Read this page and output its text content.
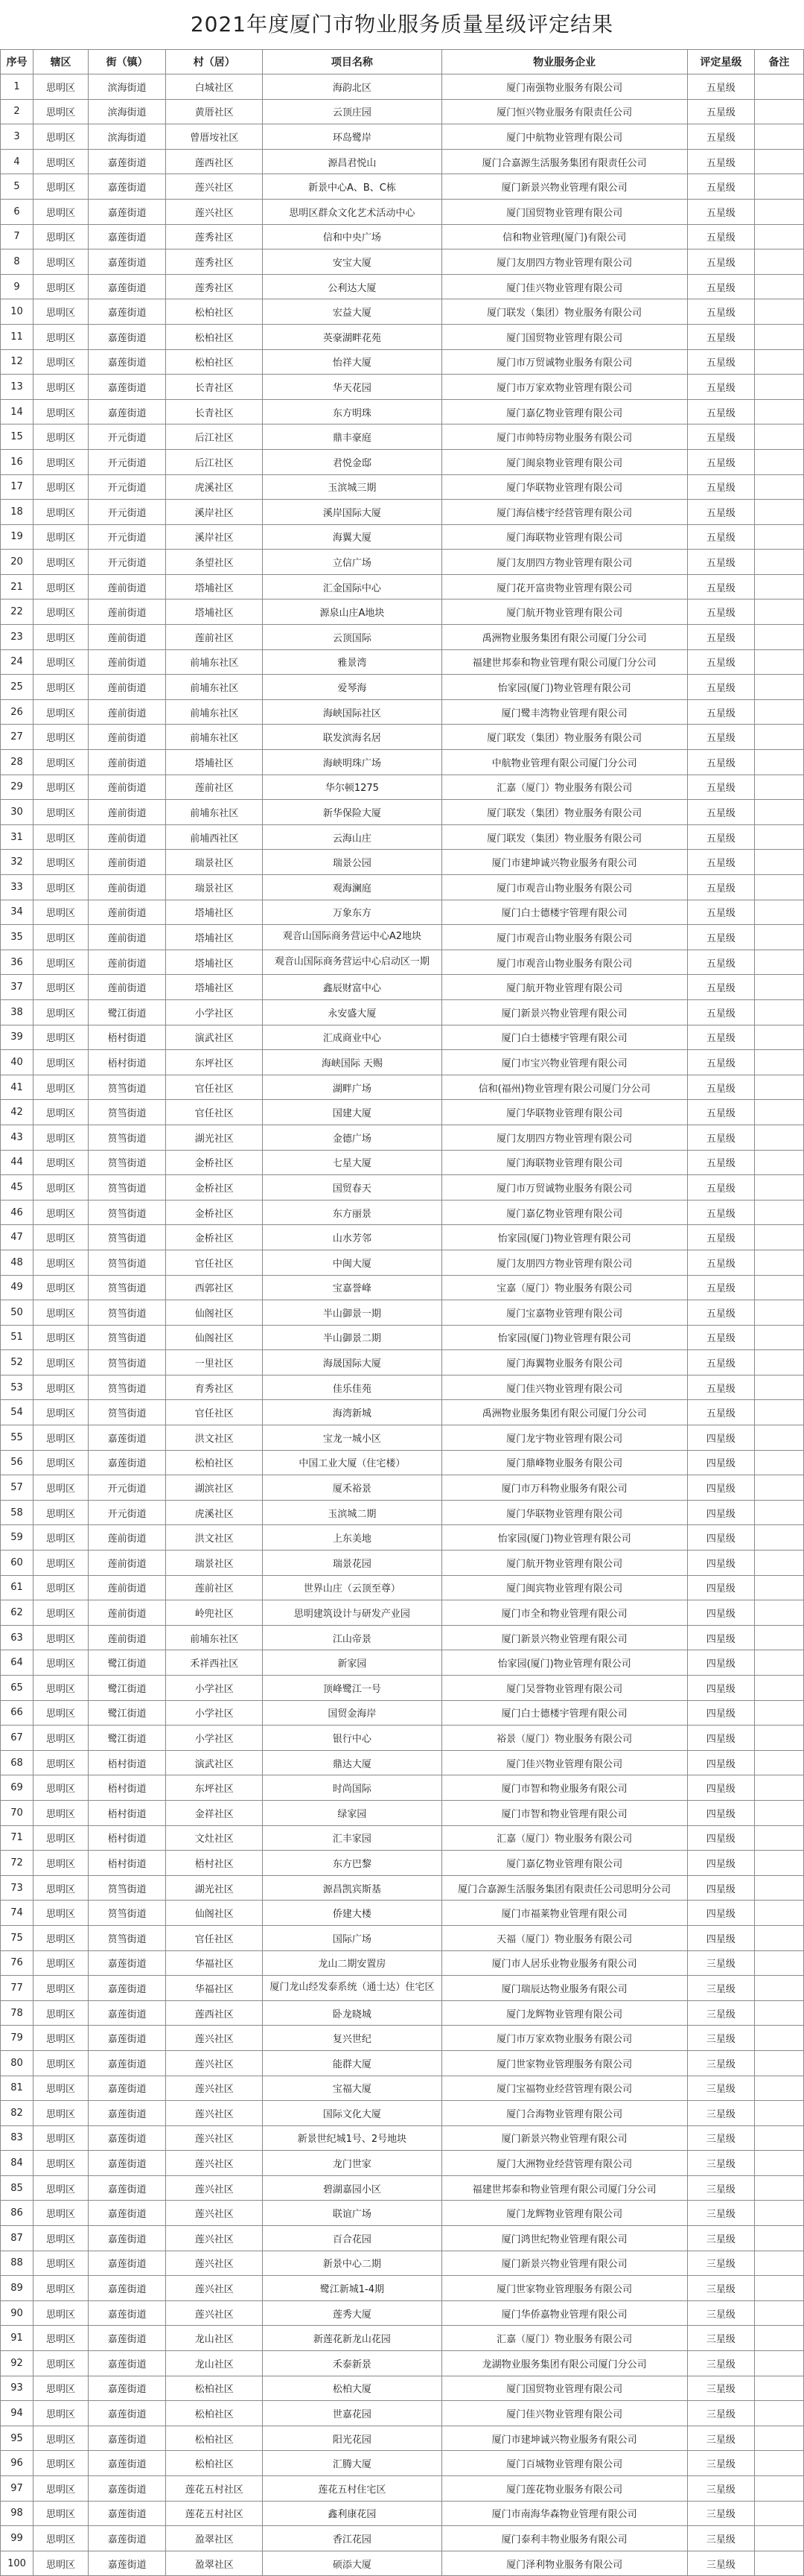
2021年度厦门市物业服务质量星级评定结果
序号	辖区	街（镇）	村（居）	项目名称	物业服务企业	评定星级	备注
1	思明区	滨海街道	白城社区	海韵北区	厦门南强物业服务有限公司	五星级	
2	思明区	滨海街道	黄厝社区	云顶庄园	厦门恒兴物业服务有限责任公司	五星级	
3	思明区	滨海街道	曾厝垵社区	环岛鹭岸	厦门中航物业管理有限公司	五星级	
4	思明区	嘉莲街道	莲西社区	源昌君悦山	厦门合嘉源生活服务集团有限责任公司	五星级	
5	思明区	嘉莲街道	莲兴社区	新景中心A、B、C栋	厦门新景兴物业管理有限公司	五星级	
6	思明区	嘉莲街道	莲兴社区	思明区群众文化艺术活动中心	厦门国贸物业管理有限公司	五星级	
7	思明区	嘉莲街道	莲秀社区	信和中央广场	信和物业管理(厦门)有限公司	五星级	
8	思明区	嘉莲街道	莲秀社区	安宝大厦	厦门友朋四方物业管理有限公司	五星级	
9	思明区	嘉莲街道	莲秀社区	公利达大厦	厦门佳兴物业管理有限公司	五星级	
10	思明区	嘉莲街道	松柏社区	宏益大厦	厦门联发（集团）物业服务有限公司	五星级	
11	思明区	嘉莲街道	松柏社区	英豪湖畔花苑	厦门国贸物业管理有限公司	五星级	
12	思明区	嘉莲街道	松柏社区	怡祥大厦	厦门市万贸诚物业服务有限公司	五星级	
13	思明区	嘉莲街道	长青社区	华天花园	厦门市万家欢物业管理有限公司	五星级	
14	思明区	嘉莲街道	长青社区	东方明珠	厦门嘉亿物业管理有限公司	五星级	
15	思明区	开元街道	后江社区	鼎丰豪庭	厦门市帅特房物业服务有限公司	五星级	
16	思明区	开元街道	后江社区	君悦金邸	厦门闽泉物业管理有限公司	五星级	
17	思明区	开元街道	虎溪社区	玉滨城三期	厦门华联物业管理有限公司	五星级	
18	思明区	开元街道	溪岸社区	溪岸国际大厦	厦门海信楼宇经营管理有限公司	五星级	
19	思明区	开元街道	溪岸社区	海翼大厦	厦门海联物业管理有限公司	五星级	
20	思明区	开元街道	条望社区	立信广场	厦门友朋四方物业管理有限公司	五星级	
21	思明区	莲前街道	塔埔社区	汇金国际中心	厦门花开富贵物业管理有限公司	五星级	
22	思明区	莲前街道	塔埔社区	源泉山庄A地块	厦门航开物业管理有限公司	五星级	
23	思明区	莲前街道	莲前社区	云顶国际	禹洲物业服务集团有限公司厦门分公司	五星级	
24	思明区	莲前街道	前埔东社区	雅景湾	福建世邦泰和物业管理有限公司厦门分公司	五星级	
25	思明区	莲前街道	前埔东社区	爱琴海	怡家园(厦门)物业管理有限公司	五星级	
26	思明区	莲前街道	前埔东社区	海峡国际社区	厦门鹭丰湾物业管理有限公司	五星级	
27	思明区	莲前街道	前埔东社区	联发滨海名居	厦门联发（集团）物业服务有限公司	五星级	
28	思明区	莲前街道	塔埔社区	海峡明珠广场	中航物业管理有限公司厦门分公司	五星级	
29	思明区	莲前街道	莲前社区	华尔顿1275	汇嘉（厦门）物业服务有限公司	五星级	
30	思明区	莲前街道	前埔东社区	新华保险大厦	厦门联发（集团）物业服务有限公司	五星级	
31	思明区	莲前街道	前埔西社区	云海山庄	厦门联发（集团）物业服务有限公司	五星级	
32	思明区	莲前街道	瑞景社区	瑞景公园	厦门市建坤诚兴物业服务有限公司	五星级	
33	思明区	莲前街道	瑞景社区	观海澜庭	厦门市观音山物业服务有限公司	五星级	
34	思明区	莲前街道	塔埔社区	万象东方	厦门白士德楼宇管理有限公司	五星级	
35	思明区	莲前街道	塔埔社区	观音山国际商务营运中心A2地块	厦门市观音山物业服务有限公司	五星级	
36	思明区	莲前街道	塔埔社区	观音山国际商务营运中心启动区一期	厦门市观音山物业服务有限公司	五星级	
37	思明区	莲前街道	塔埔社区	鑫辰财富中心	厦门航开物业管理有限公司	五星级	
38	思明区	鹭江街道	小学社区	永安盛大厦	厦门新景兴物业管理有限公司	五星级	
39	思明区	梧村街道	演武社区	汇成商业中心	厦门白士德楼宇管理有限公司	五星级	
40	思明区	梧村街道	东坪社区	海峡国际 天赐	厦门市宝兴物业管理有限公司	五星级	
41	思明区	筼筜街道	官任社区	湖畔广场	信和(福州)物业管理有限公司厦门分公司	五星级	
42	思明区	筼筜街道	官任社区	国建大厦	厦门华联物业管理有限公司	五星级	
43	思明区	筼筜街道	湖光社区	金德广场	厦门友朋四方物业管理有限公司	五星级	
44	思明区	筼筜街道	金桥社区	七星大厦	厦门海联物业管理有限公司	五星级	
45	思明区	筼筜街道	金桥社区	国贸春天	厦门市万贸诚物业服务有限公司	五星级	
46	思明区	筼筜街道	金桥社区	东方丽景	厦门嘉亿物业管理有限公司	五星级	
47	思明区	筼筜街道	金桥社区	山水芳邻	怡家园(厦门)物业管理有限公司	五星级	
48	思明区	筼筜街道	官任社区	中闽大厦	厦门友朋四方物业管理有限公司	五星级	
49	思明区	筼筜街道	西郭社区	宝嘉誉峰	宝嘉（厦门）物业服务有限公司	五星级	
50	思明区	筼筜街道	仙阁社区	半山御景一期	厦门宝嘉物业管理有限公司	五星级	
51	思明区	筼筜街道	仙阁社区	半山御景二期	怡家园(厦门)物业管理有限公司	五星级	
52	思明区	筼筜街道	一里社区	海晟国际大厦	厦门海翼物业服务有限公司	五星级	
53	思明区	筼筜街道	育秀社区	佳乐佳苑	厦门佳兴物业管理有限公司	五星级	
54	思明区	筼筜街道	官任社区	海湾新城	禹洲物业服务集团有限公司厦门分公司	五星级	
55	思明区	嘉莲街道	洪文社区	宝龙一城小区	厦门龙宇物业管理有限公司	四星级	
56	思明区	嘉莲街道	松柏社区	中国工业大厦（住宅楼）	厦门鼎峰物业服务有限公司	四星级	
57	思明区	开元街道	湖滨社区	厦禾裕景	厦门市万科物业服务有限公司	四星级	
58	思明区	开元街道	虎溪社区	玉滨城二期	厦门华联物业管理有限公司	四星级	
59	思明区	莲前街道	洪文社区	上东美地	怡家园(厦门)物业管理有限公司	四星级	
60	思明区	莲前街道	瑞景社区	瑞景花园	厦门航开物业管理有限公司	四星级	
61	思明区	莲前街道	莲前社区	世界山庄（云顶至尊）	厦门闽宾物业管理有限公司	四星级	
62	思明区	莲前街道	岭兜社区	思明建筑设计与研发产业园	厦门市全和物业管理有限公司	四星级	
63	思明区	莲前街道	前埔东社区	江山帝景	厦门新景兴物业管理有限公司	四星级	
64	思明区	鹭江街道	禾祥西社区	新家园	怡家园(厦门)物业管理有限公司	四星级	
65	思明区	鹭江街道	小学社区	顶峰鹭江一号	厦门吴誉物业管理有限公司	四星级	
66	思明区	鹭江街道	小学社区	国贸金海岸	厦门白士德楼宇管理有限公司	四星级	
67	思明区	鹭江街道	小学社区	银行中心	裕景（厦门）物业服务有限公司	四星级	
68	思明区	梧村街道	演武社区	鼎达大厦	厦门佳兴物业管理有限公司	四星级	
69	思明区	梧村街道	东坪社区	时尚国际	厦门市智和物业服务有限公司	四星级	
70	思明区	梧村街道	金祥社区	绿家园	厦门市智和物业管理有限公司	四星级	
71	思明区	梧村街道	文灶社区	汇丰家园	汇嘉（厦门）物业服务有限公司	四星级	
72	思明区	梧村街道	梧村社区	东方巴黎	厦门嘉亿物业管理有限公司	四星级	
73	思明区	筼筜街道	湖光社区	源昌凯宾斯基	厦门合嘉源生活服务集团有限责任公司思明分公司	四星级	
74	思明区	筼筜街道	仙阁社区	侨建大楼	厦门市福莱物业管理有限公司	四星级	
75	思明区	筼筜街道	官任社区	国际广场	天福（厦门）物业服务有限公司	四星级	
76	思明区	嘉莲街道	华福社区	龙山二期安置房	厦门市人居乐业物业服务有限公司	三星级	
77	思明区	嘉莲街道	华福社区	厦门龙山经发泰系统（通士达）住宅区	厦门瑞辰达物业服务有限公司	三星级	
78	思明区	嘉莲街道	莲西社区	卧龙晓城	厦门龙辉物业管理有限公司	三星级	
79	思明区	嘉莲街道	莲兴社区	复兴世纪	厦门市万家欢物业服务有限公司	三星级	
80	思明区	嘉莲街道	莲兴社区	能群大厦	厦门世家物业管理服务有限公司	三星级	
81	思明区	嘉莲街道	莲兴社区	宝福大厦	厦门宝福物业经营管理有限公司	三星级	
82	思明区	嘉莲街道	莲兴社区	国际文化大厦	厦门合海物业管理有限公司	三星级	
83	思明区	嘉莲街道	莲兴社区	新景世纪城1号、2号地块	厦门新景兴物业管理有限公司	三星级	
84	思明区	嘉莲街道	莲兴社区	龙门世家	厦门大洲物业经营管理有限公司	三星级	
85	思明区	嘉莲街道	莲兴社区	碧湖嘉园小区	福建世邦泰和物业管理有限公司厦门分公司	三星级	
86	思明区	嘉莲街道	莲兴社区	联谊广场	厦门龙辉物业管理有限公司	三星级	
87	思明区	嘉莲街道	莲兴社区	百合花园	厦门鸿世纪物业管理有限公司	三星级	
88	思明区	嘉莲街道	莲兴社区	新景中心二期	厦门新景兴物业管理有限公司	三星级	
89	思明区	嘉莲街道	莲兴社区	鹭江新城1-4期	厦门世家物业管理服务有限公司	三星级	
90	思明区	嘉莲街道	莲兴社区	莲秀大厦	厦门华侨嘉物业管理有限公司	三星级	
91	思明区	嘉莲街道	龙山社区	新莲花新龙山花园	汇嘉（厦门）物业服务有限公司	三星级	
92	思明区	嘉莲街道	龙山社区	禾泰新景	龙湖物业服务集团有限公司厦门分公司	三星级	
93	思明区	嘉莲街道	松柏社区	松柏大厦	厦门国贸物业管理有限公司	三星级	
94	思明区	嘉莲街道	松柏社区	世嘉花园	厦门佳兴物业管理有限公司	三星级	
95	思明区	嘉莲街道	松柏社区	阳光花园	厦门市建坤诚兴物业服务有限公司	三星级	
96	思明区	嘉莲街道	松柏社区	汇腾大厦	厦门百城物业管理有限公司	三星级	
97	思明区	嘉莲街道	莲花五村社区	莲花五村住宅区	厦门莲花物业服务有限公司	三星级	
98	思明区	嘉莲街道	莲花五村社区	鑫利康花园	厦门市南海华森物业管理有限公司	三星级	
99	思明区	嘉莲街道	盈翠社区	香江花园	厦门泰利丰物业服务有限公司	三星级	
100	思明区	嘉莲街道	盈翠社区	硕添大厦	厦门泽利物业服务有限公司	三星级	
